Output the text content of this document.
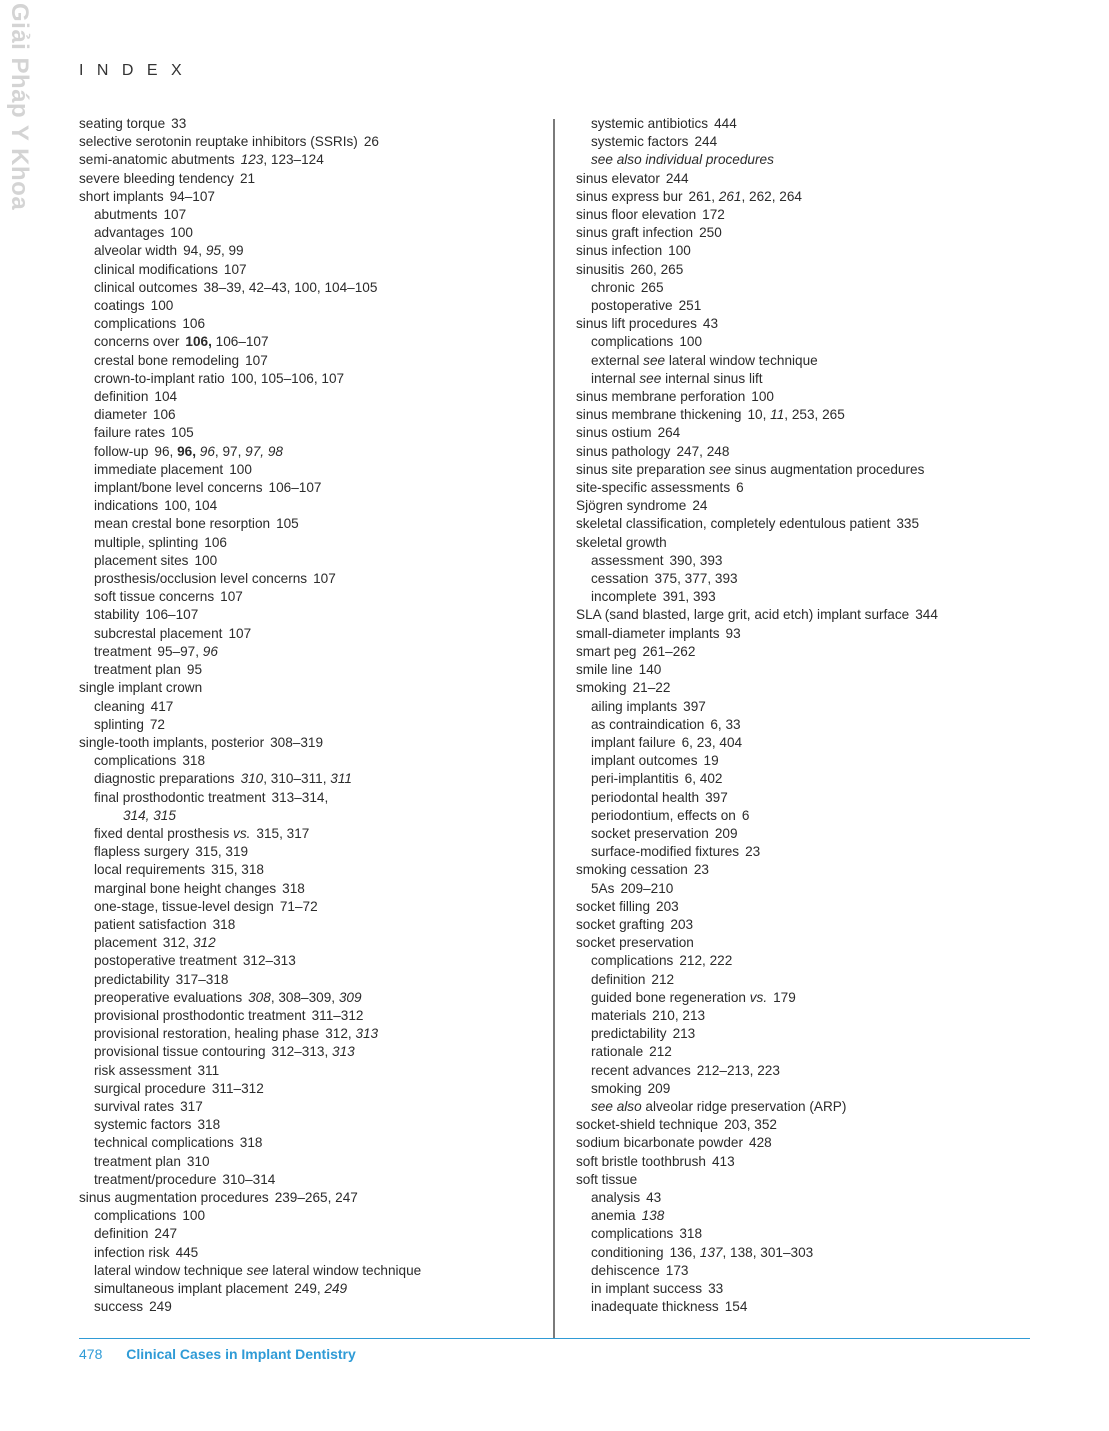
Giải Pháp Y Khoa	I N D E X
seating torque 33
selective serotonin reuptake inhibitors (SSRIs) 26
semi-anatomic abutments 123, 123–124
severe bleeding tendency 21
short implants 94–107
abutments 107
advantages 100
alveolar width 94, 95, 99
clinical modifications 107
clinical outcomes 38–39, 42–43, 100, 104–105
coatings 100
complications 106
concerns over 106, 106–107
crestal bone remodeling 107
crown-to-implant ratio 100, 105–106, 107
definition 104
diameter 106
failure rates 105
follow-up 96, 96, 96, 97, 97, 98
immediate placement 100
implant/bone level concerns 106–107
indications 100, 104
mean crestal bone resorption 105
multiple, splinting 106
placement sites 100
prosthesis/occlusion level concerns 107
soft tissue concerns 107
stability 106–107
subcrestal placement 107
treatment 95–97, 96
treatment plan 95
single implant crown
cleaning 417
splinting 72
single-tooth implants, posterior 308–319
complications 318
diagnostic preparations 310, 310–311, 311
final prosthodontic treatment 313–314,
314, 315
fixed dental prosthesis vs. 315, 317
flapless surgery 315, 319
local requirements 315, 318
marginal bone height changes 318
one-stage, tissue-level design 71–72
patient satisfaction 318
placement 312, 312
postoperative treatment 312–313
predictability 317–318
preoperative evaluations 308, 308–309, 309
provisional prosthodontic treatment 311–312
provisional restoration, healing phase 312, 313
provisional tissue contouring 312–313, 313
risk assessment 311
surgical procedure 311–312
survival rates 317
systemic factors 318
technical complications 318
treatment plan 310
treatment/procedure 310–314
sinus augmentation procedures 239–265, 247
complications 100
definition 247
infection risk 445
lateral window technique see lateral window technique
simultaneous implant placement 249, 249
success 249
systemic antibiotics 444
systemic factors 244
see also individual procedures
sinus elevator 244
sinus express bur 261, 261, 262, 264
sinus floor elevation 172
sinus graft infection 250
sinus infection 100
sinusitis 260, 265
chronic 265
postoperative 251
sinus lift procedures 43
complications 100
external see lateral window technique
internal see internal sinus lift
sinus membrane perforation 100
sinus membrane thickening 10, 11, 253, 265
sinus ostium 264
sinus pathology 247, 248
sinus site preparation see sinus augmentation procedures
site-specific assessments 6
Sjögren syndrome 24
skeletal classification, completely edentulous patient 335
skeletal growth
assessment 390, 393
cessation 375, 377, 393
incomplete 391, 393
SLA (sand blasted, large grit, acid etch) implant surface 344
small-diameter implants 93
smart peg 261–262
smile line 140
smoking 21–22
ailing implants 397
as contraindication 6, 33
implant failure 6, 23, 404
implant outcomes 19
peri-implantitis 6, 402
periodontal health 397
periodontium, effects on 6
socket preservation 209
surface-modified fixtures 23
smoking cessation 23
5As 209–210
socket filling 203
socket grafting 203
socket preservation
complications 212, 222
definition 212
guided bone regeneration vs. 179
materials 210, 213
predictability 213
rationale 212
recent advances 212–213, 223
smoking 209
see also alveolar ridge preservation (ARP)
socket-shield technique 203, 352
sodium bicarbonate powder 428
soft bristle toothbrush 413
soft tissue
analysis 43
anemia 138
complications 318
conditioning 136, 137, 138, 301–303
dehiscence 173
in implant success 33
inadequate thickness 154
478 Clinical Cases in Implant Dentistry
